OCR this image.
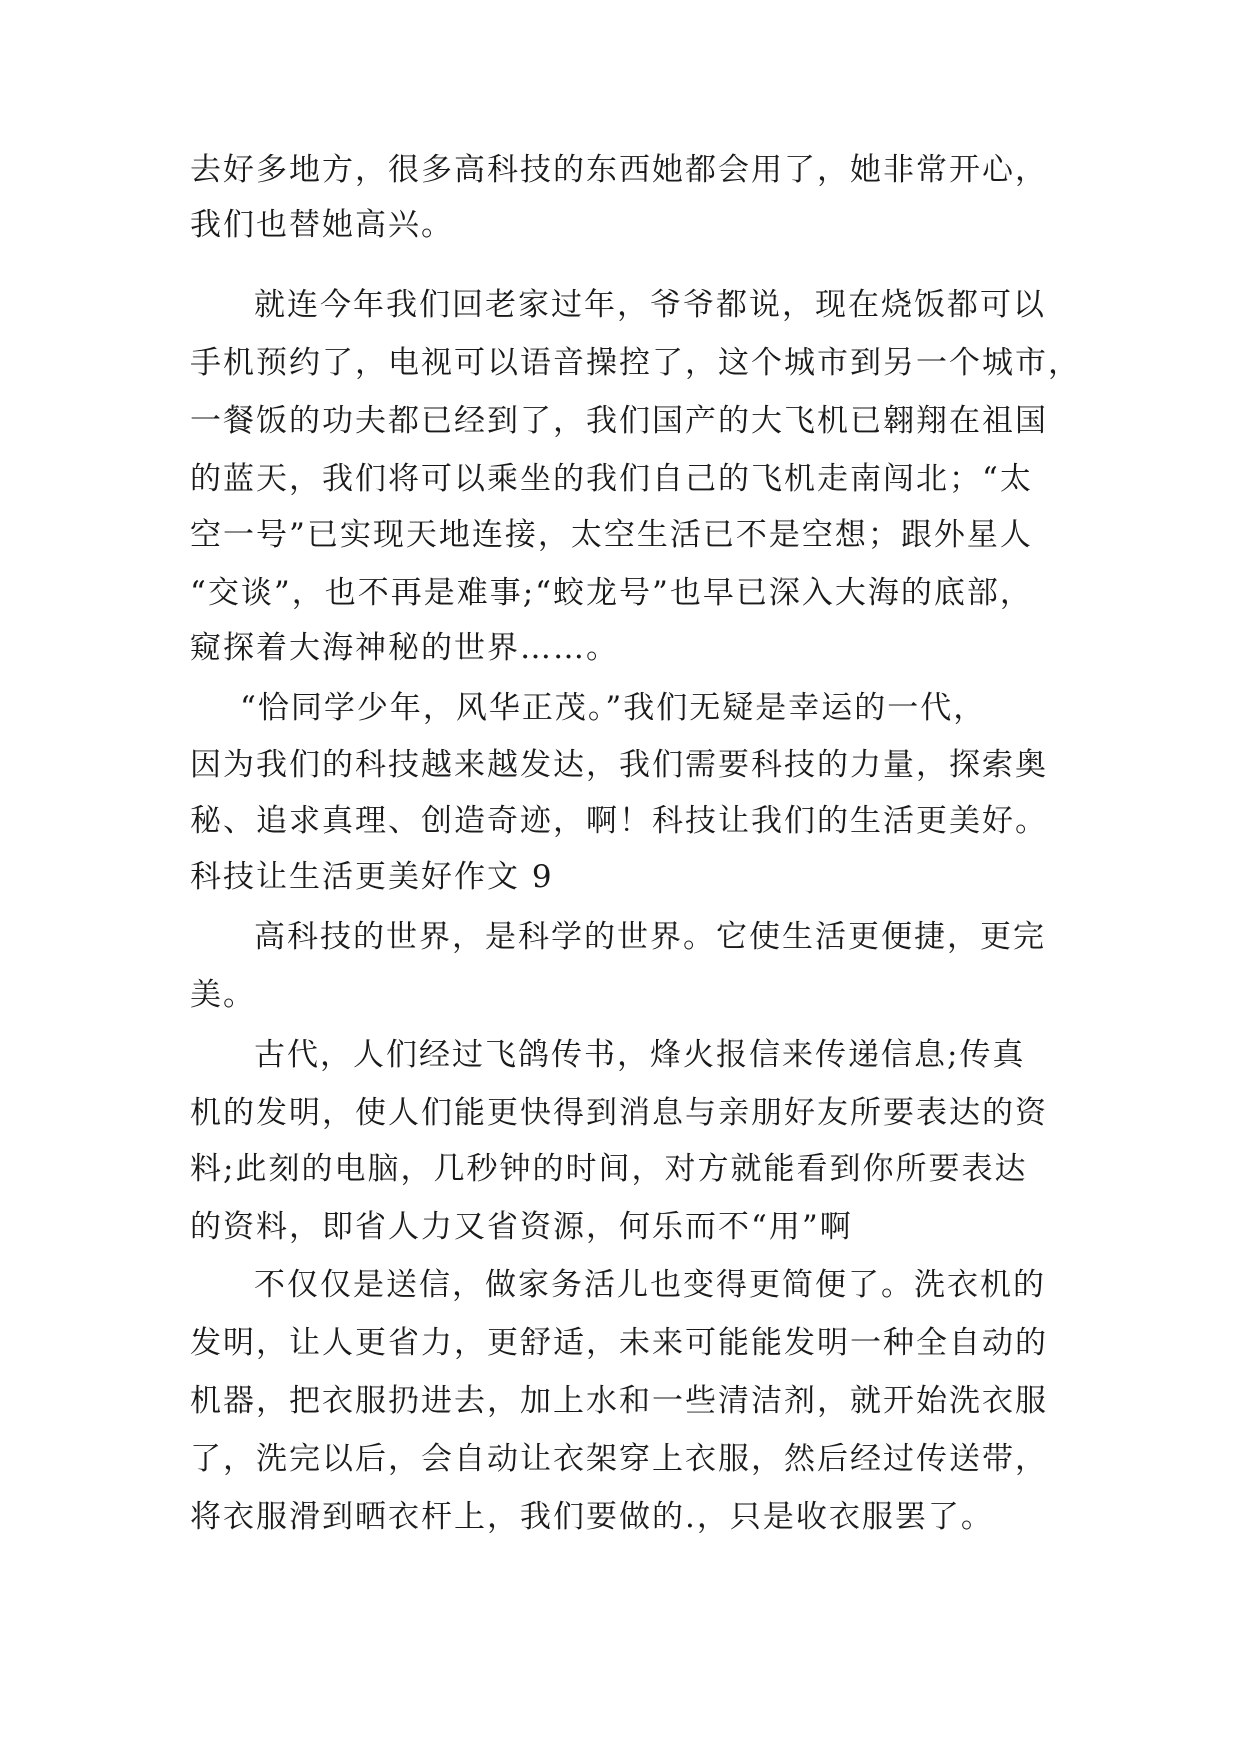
去好多地方，很多高科技的东西她都会用了，她非常开心，
我们也替她高兴。
就连今年我们回老家过年，爷爷都说，现在烧饭都可以
手机预约了，电视可以语音操控了，这个城市到另一个城市，
一餐饭的功夫都已经到了，我们国产的大飞机已翱翔在祖国
的蓝天，我们将可以乘坐的我们自己的飞机走南闯北；“太
空一号”已实现天地连接，太空生活已不是空想；跟外星人
“交谈”，也不再是难事;“蛟龙号”也早已深入大海的底部，
窥探着大海神秘的世界……。
“恰同学少年，风华正茂。”我们无疑是幸运的一代，
因为我们的科技越来越发达，我们需要科技的力量，探索奥
秘、追求真理、创造奇迹，啊！科技让我们的生活更美好。
科技让生活更美好作文 9
高科技的世界，是科学的世界。它使生活更便捷，更完
美。
古代，人们经过飞鸽传书，烽火报信来传递信息;传真
机的发明，使人们能更快得到消息与亲朋好友所要表达的资
料;此刻的电脑，几秒钟的时间，对方就能看到你所要表达
的资料，即省人力又省资源，何乐而不“用”啊
不仅仅是送信，做家务活儿也变得更简便了。洗衣机的
发明，让人更省力，更舒适，未来可能能发明一种全自动的
机器，把衣服扔进去，加上水和一些清洁剂，就开始洗衣服
了，洗完以后，会自动让衣架穿上衣服，然后经过传送带，
将衣服滑到晒衣杆上，我们要做的.，只是收衣服罢了。
